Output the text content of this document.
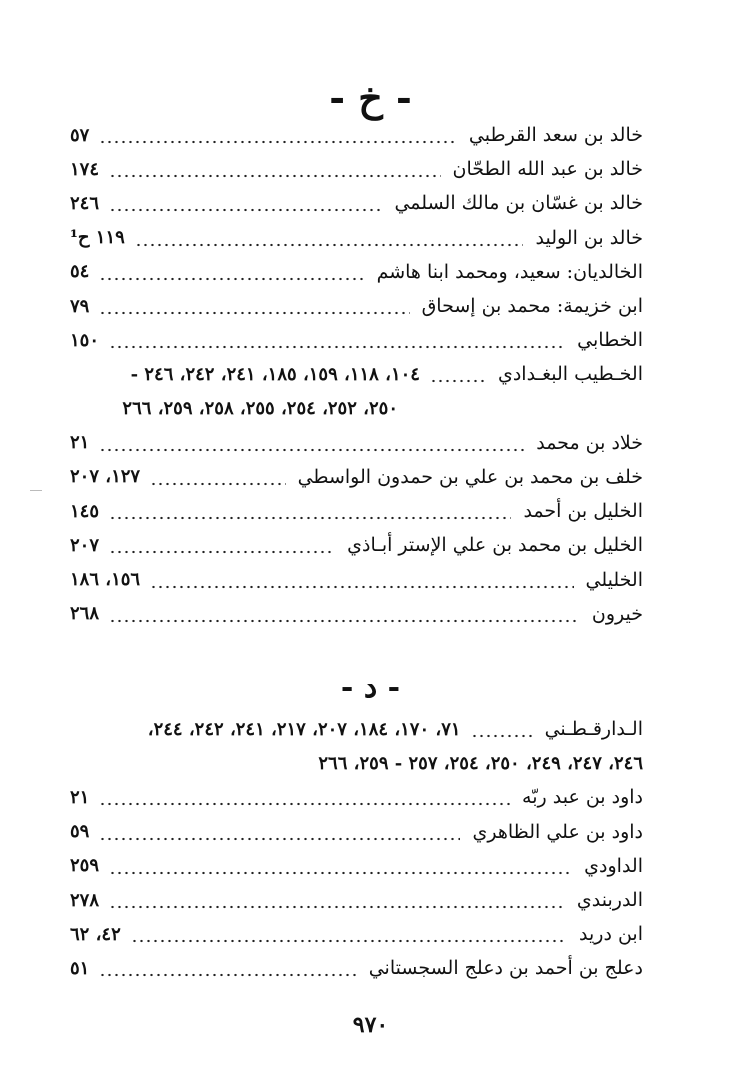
- خ -
خالد بن سعد القرطبي
٥٧
خالد بن عبد الله الطحّان
١٧٤
خالد بن غسّان بن مالك السلمي
٢٤٦
خالد بن الوليد
١١٩ ح¹
الخالديان: سعيد، ومحمد ابنا هاشم
٥٤
ابن خزيمة: محمد بن إسحاق
٧٩
الخطابي
١٥٠
الخـطيب البغـدادي
١٠٤، ١١٨، ١٥٩، ١٨٥، ٢٤١، ٢٤٢، ٢٤٦ -
٢٥٠، ٢٥٢، ٢٥٤، ٢٥٥، ٢٥٨، ٢٥٩، ٢٦٦
خلاد بن محمد
٢١
خلف بن محمد بن علي بن حمدون الواسطي
١٢٧، ٢٠٧
الخليل بن أحمد
١٤٥
الخليل بن محمد بن علي الإستر أبـاذي
٢٠٧
الخليلي
١٥٦، ١٨٦
خيرون
٢٦٨
- د -
الـدارقـطـني
٧١، ١٧٠، ١٨٤، ٢٠٧، ٢١٧، ٢٤١، ٢٤٢، ٢٤٤،
٢٤٦، ٢٤٧، ٢٤٩، ٢٥٠، ٢٥٤، ٢٥٧ - ٢٥٩، ٢٦٦
داود بن عبد ربّه
٢١
داود بن علي الظاهري
٥٩
الداودي
٢٥٩
الدربندي
٢٧٨
ابن دريد
٤٢، ٦٢
دعلج بن أحمد بن دعلج السجستاني
٥١
٩٧٠
